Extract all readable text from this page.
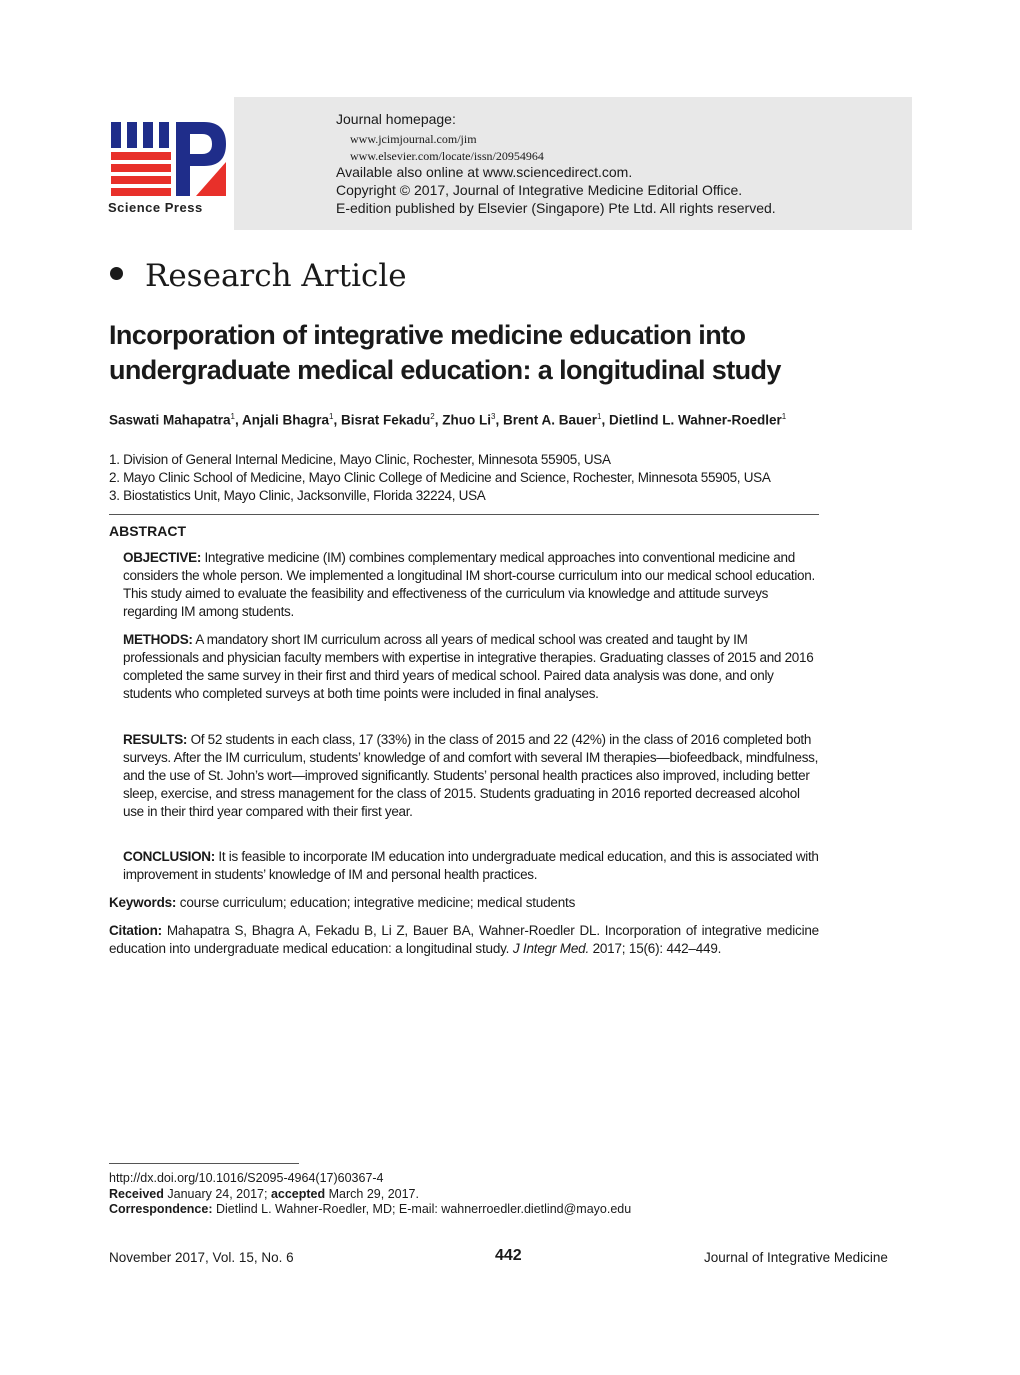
Journal homepage:
www.jcimjournal.com/jim
www.elsevier.com/locate/issn/20954964
Available also online at www.sciencedirect.com.
Copyright © 2017, Journal of Integrative Medicine Editorial Office.
E-edition published by Elsevier (Singapore) Pte Ltd. All rights reserved.
Science Press
Research Article
Incorporation of integrative medicine education into undergraduate medical education: a longitudinal study
Saswati Mahapatra$^1$, Anjali Bhagra$^1$, Bisrat Fekadu$^2$, Zhuo Li$^3$, Brent A. Bauer$^1$, Dietlind L. Wahner-Roedler$^1$
1. Division of General Internal Medicine, Mayo Clinic, Rochester, Minnesota 55905, USA
2. Mayo Clinic School of Medicine, Mayo Clinic College of Medicine and Science, Rochester, Minnesota 55905, USA
3. Biostatistics Unit, Mayo Clinic, Jacksonville, Florida 32224, USA
ABSTRACT
OBJECTIVE: Integrative medicine (IM) combines complementary medical approaches into conventional medicine and considers the whole person. We implemented a longitudinal IM short-course curriculum into our medical school education. This study aimed to evaluate the feasibility and effectiveness of the curriculum via knowledge and attitude surveys regarding IM among students.
METHODS: A mandatory short IM curriculum across all years of medical school was created and taught by IM professionals and physician faculty members with expertise in integrative therapies. Graduating classes of 2015 and 2016 completed the same survey in their first and third years of medical school. Paired data analysis was done, and only students who completed surveys at both time points were included in final analyses.
RESULTS: Of 52 students in each class, 17 (33%) in the class of 2015 and 22 (42%) in the class of 2016 completed both surveys. After the IM curriculum, students’ knowledge of and comfort with several IM therapies—biofeedback, mindfulness, and the use of St. John’s wort—improved significantly. Students’ personal health practices also improved, including better sleep, exercise, and stress management for the class of 2015. Students graduating in 2016 reported decreased alcohol use in their third year compared with their first year.
CONCLUSION: It is feasible to incorporate IM education into undergraduate medical education, and this is associated with improvement in students’ knowledge of IM and personal health practices.
Keywords: course curriculum; education; integrative medicine; medical students
Citation: Mahapatra S, Bhagra A, Fekadu B, Li Z, Bauer BA, Wahner-Roedler DL. Incorporation of integrative medicine education into undergraduate medical education: a longitudinal study. J Integr Med. 2017; 15(6): 442–449.
http://dx.doi.org/10.1016/S2095-4964(17)60367-4
Received January 24, 2017; accepted March 29, 2017.
Correspondence: Dietlind L. Wahner-Roedler, MD; E-mail: wahnerroedler.dietlind@mayo.edu
November 2017, Vol. 15, No. 6	442	Journal of Integrative Medicine
